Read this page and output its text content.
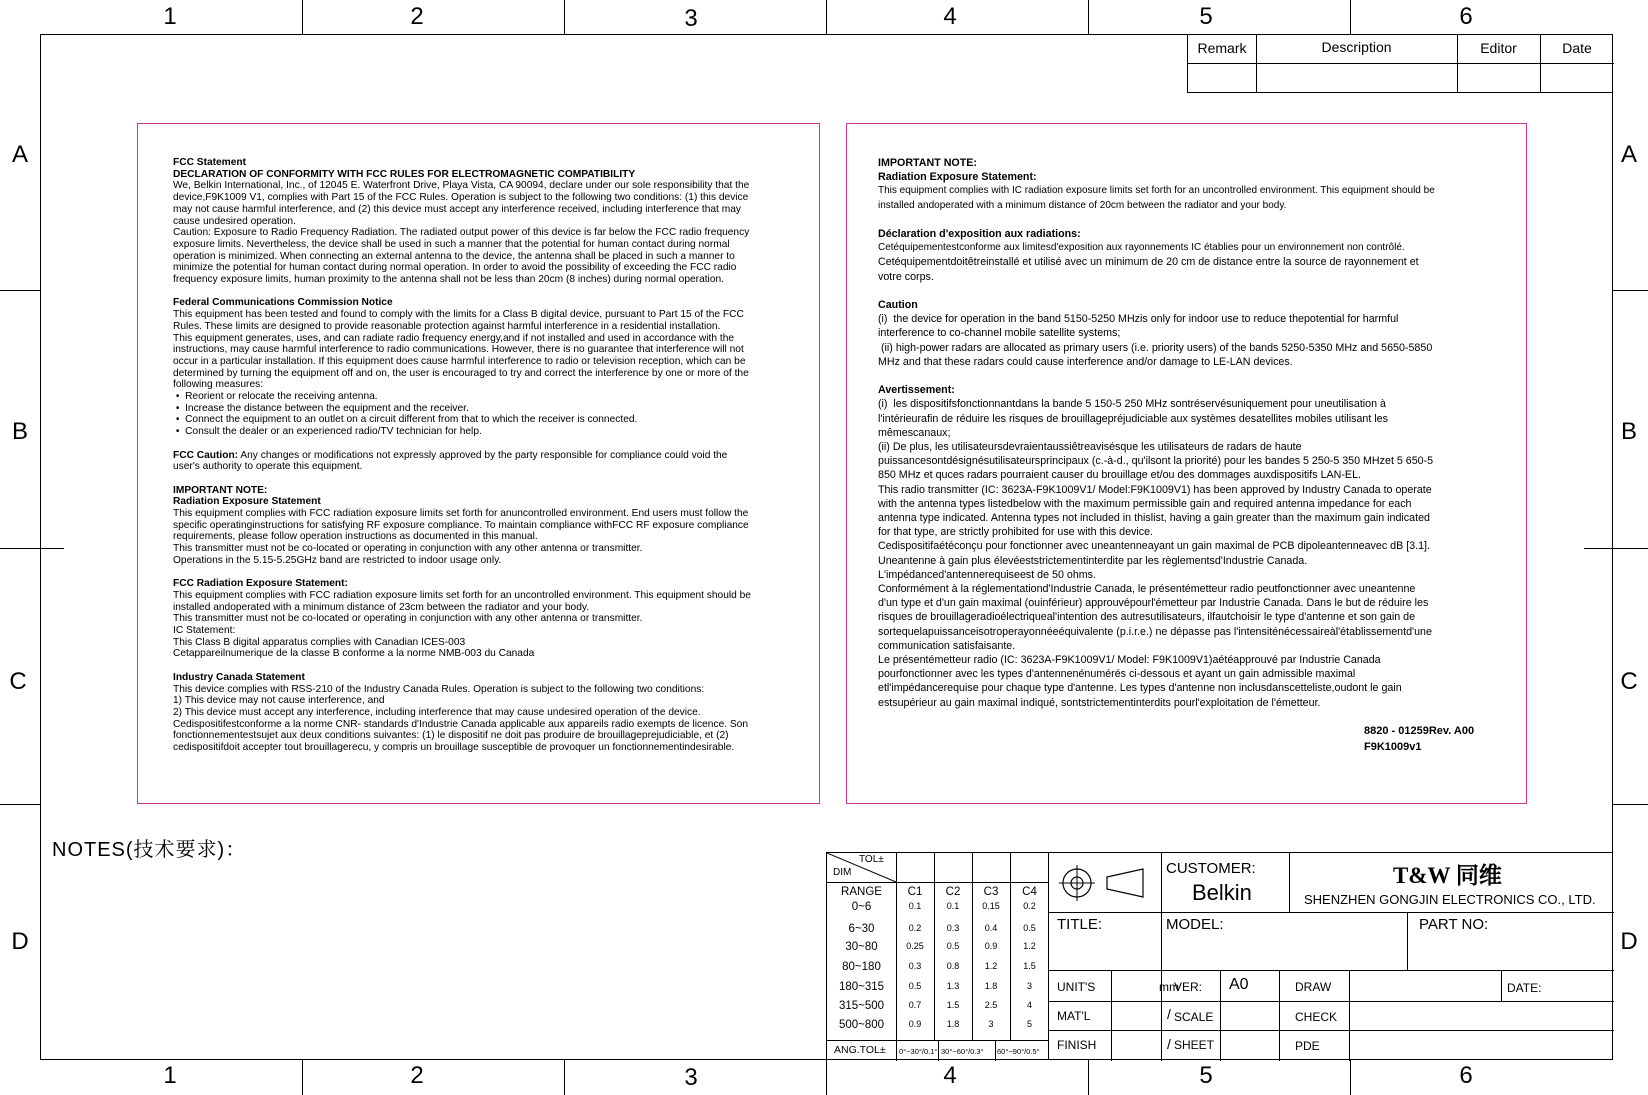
1	2	3	4	5	6
1	2	3	4	5	6
A
B
C
D
A
B
C
D
Remark	Description	Editor	Date

FCC Statement

DECLARATION OF CONFORMITY WITH FCC RULES FOR ELECTROMAGNETIC COMPATIBILITY

We, Belkin International, Inc., of 12045 E. Waterfront Drive, Playa Vista, CA 90094, declare under our sole responsibility that the

device,F9K1009 V1, complies with Part 15 of the FCC Rules. Operation is subject to the following two conditions: (1) this device

may not cause harmful interference, and (2) this device must accept any interference received, including interference that may

cause undesired operation.

Caution: Exposure to Radio Frequency Radiation. The radiated output power of this device is far below the FCC radio frequency

exposure limits. Nevertheless, the device shall be used in such a manner that the potential for human contact during normal

operation is minimized. When connecting an external antenna to the device, the antenna shall be placed in such a manner to

minimize the potential for human contact during normal operation. In order to avoid the possibility of exceeding the FCC radio

frequency exposure limits, human proximity to the antenna shall not be less than 20cm (8 inches) during normal operation.

Federal Communications Commission Notice

This equipment has been tested and found to comply with the limits for a Class B digital device, pursuant to Part 15 of the FCC

Rules. These limits are designed to provide reasonable protection against harmful interference in a residential installation.

This equipment generates, uses, and can radiate radio frequency energy,and if not installed and used in accordance with the

instructions, may cause harmful interference to radio communications. However, there is no guarantee that interference will not

occur in a particular installation. If this equipment does cause harmful interference to radio or television reception, which can be

determined by turning the equipment off and on, the user is encouraged to try and correct the interference by one or more of the

following measures:

•  Reorient or relocate the receiving antenna.

•  Increase the distance between the equipment and the receiver.

•  Connect the equipment to an outlet on a circuit different from that to which the receiver is connected.

•  Consult the dealer or an experienced radio/TV technician for help.

FCC Caution: Any changes or modifications not expressly approved by the party responsible for compliance could void the

user's authority to operate this equipment.

IMPORTANT NOTE:

Radiation Exposure Statement

This equipment complies with FCC radiation exposure limits set forth for anuncontrolled environment. End users must follow the

specific operatinginstructions for satisfying RF exposure compliance. To maintain compliance withFCC RF exposure compliance

requirements, please follow operation instructions as documented in this manual.

This transmitter must not be co-located or operating in conjunction with any other antenna or transmitter.

Operations in the 5.15-5.25GHz band are restricted to indoor usage only.

FCC Radiation Exposure Statement:

This equipment complies with FCC radiation exposure limits set forth for an uncontrolled environment. This equipment should be

installed andoperated with a minimum distance of 23cm between the radiator and your body.

This transmitter must not be co-located or operating in conjunction with any other antenna or transmitter.

IC Statement:

This Class B digital apparatus complies with Canadian ICES-003

Cetappareilnumerique de la classe B conforme a la norme NMB-003 du Canada

Industry Canada Statement

This device complies with RSS-210 of the Industry Canada Rules. Operation is subject to the following two conditions:

1) This device may not cause interference, and

2) This device must accept any interference, including interference that may cause undesired operation of the device.

Cedispositifestconforme a la norme CNR- standards d'Industrie Canada applicable aux appareils radio exempts de licence. Son

fonctionnementestsujet aux deux conditions suivantes: (1) le dispositif ne doit pas produire de brouillageprejudiciable, et (2)

cedispositifdoit accepter tout brouillagerecu, y compris un brouillage susceptible de provoquer un fonctionnementindesirable.

IMPORTANT NOTE:

Radiation Exposure Statement:

This equipment complies with IC radiation exposure limits set forth for an uncontrolled environment. This equipment should be

installed andoperated with a minimum distance of 20cm between the radiator and your body.

Déclaration d'exposition aux radiations:

Cetéquipementestconforme aux limitesd'exposition aux rayonnements IC établies pour un environnement non contrôlé.

Cetéquipementdoitêtreinstallé et utilisé avec un minimum de 20 cm de distance entre la source de rayonnement et

votre corps.

Caution

(i)  the device for operation in the band 5150-5250 MHzis only for indoor use to reduce thepotential for harmful

interference to co-channel mobile satellite systems;

(ii) high-power radars are allocated as primary users (i.e. priority users) of the bands 5250-5350 MHz and 5650-5850

MHz and that these radars could cause interference and/or damage to LE-LAN devices.

Avertissement:

(i)  les dispositifsfonctionnantdans la bande 5 150-5 250 MHz sontréservésuniquement pour uneutilisation à

l'intérieurafin de réduire les risques de brouillagepréjudiciable aux systèmes desatellites mobiles utilisant les

mêmescanaux;

(ii) De plus, les utilisateursdevraientaussiêtreavisésque les utilisateurs de radars de haute

puissancesontdésignésutilisateursprincipaux (c.-à-d., qu'ilsont la priorité) pour les bandes 5 250-5 350 MHzet 5 650-5

850 MHz et quces radars pourraient causer du brouillage et/ou des dommages auxdispositifs LAN-EL.

This radio transmitter (IC: 3623A-F9K1009V1/ Model:F9K1009V1) has been approved by Industry Canada to operate

with the antenna types listedbelow with the maximum permissible gain and required antenna impedance for each

antenna type indicated. Antenna types not included in thislist, having a gain greater than the maximum gain indicated

for that type, are strictly prohibited for use with this device.

Cedispositifaétéconçu pour fonctionner avec uneantenneayant un gain maximal de PCB dipoleantenneavec dB [3.1].

Uneantenne à gain plus élevéeststrictementinterdite par les règlementsd'Industrie Canada.

L'impédanced'antennerequiseest de 50 ohms.

Conformément à la réglementationd'Industrie Canada, le présentémetteur radio peutfonctionner avec uneantenne

d'un type et d'un gain maximal (ouinférieur) approuvépourl'émetteur par Industrie Canada. Dans le but de réduire les

risques de brouillageradioélectriqueal'intention des autresutilisateurs, ilfautchoisir le type d'antenne et son gain de

sortequelapuissanceisotroperayonnéeéquivalente (p.i.r.e.) ne dépasse pas l'intensiténécessaireàl'établissementd'une

communication satisfaisante.

Le présentémetteur radio (IC: 3623A-F9K1009V1/ Model: F9K1009V1)aétéapprouvé par Industrie Canada

pourfonctionner avec les types d'antennenénumérés ci-dessous et ayant un gain admissible maximal

etl'impédancerequise pour chaque type d'antenne. Les types d'antenne non inclusdanscetteliste,oudont le gain

estsupérieur au gain maximal indiqué, sontstrictementinterdits pourl'exploitation de l'émetteur.

8820 - 01259Rev. A00
F9K1009v1
NOTES(技术要求)：	TOL±
DIM
RANGE	C1	C2	C3	C4
0~6	0.1	0.1	0.15	0.2
6~30	0.2	0.3	0.4	0.5
30~80	0.25	0.5	0.9	1.2
80~180	0.3	0.8	1.2	1.5
180~315	0.5	1.3	1.8	3
315~500	0.7	1.5	2.5	4
500~800	0.9	1.8	3	5
ANG.TOL± 0°~30°/0.1° 30°~60°/0.3° 60°~90°/0.5°
CUSTOMER:
Belkin
T&W 同维
SHENZHEN GONGJIN ELECTRONICS CO., LTD.
TITLE:	MODEL:	PART NO:
UNIT'S	mm
VER: A0	DRAW	DATE:
MAT'L	/ SCALE	CHECK
FINISH	/ SHEET	PDE
